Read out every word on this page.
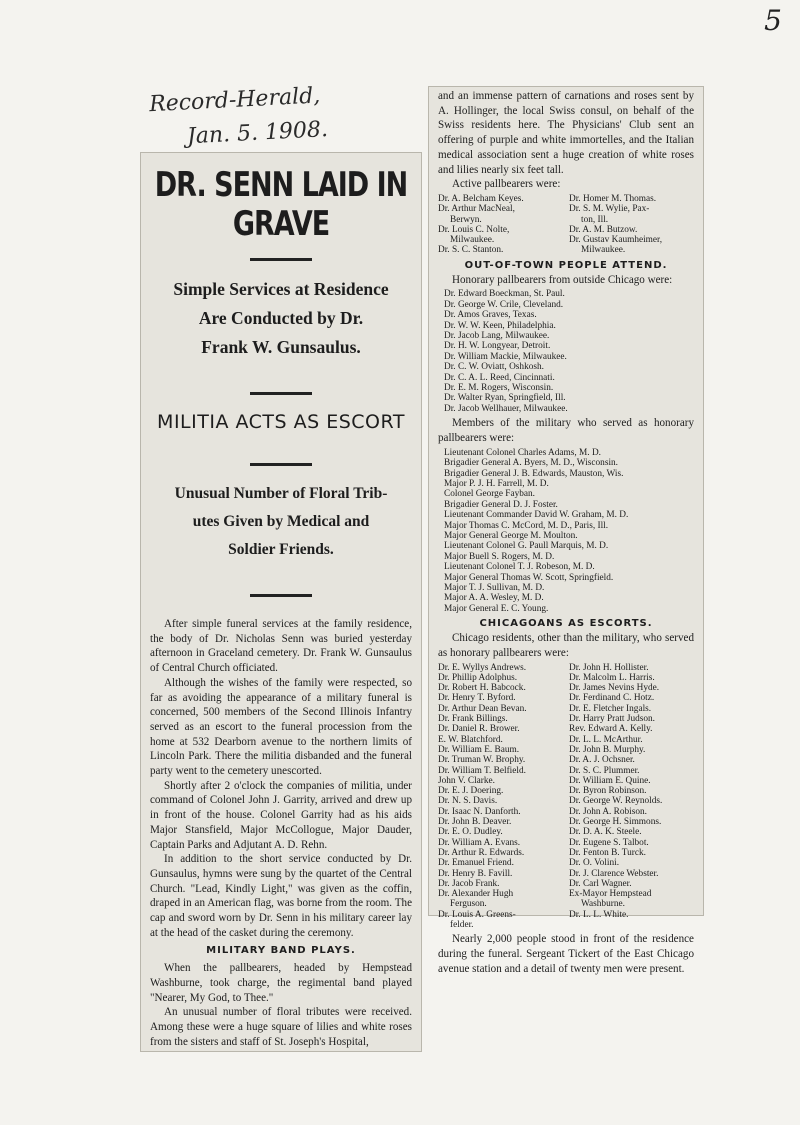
5
Record-Herald,
Jan. 5. 1908.
DR. SENN LAID IN GRAVE
Simple Services at Residence
Are Conducted by Dr.
Frank W. Gunsaulus.
MILITIA ACTS AS ESCORT
Unusual Number of Floral Trib-
utes Given by Medical and
Soldier Friends.

After simple funeral services at the family residence, the body of Dr. Nicholas Senn was buried yesterday afternoon in Graceland cemetery. Dr. Frank W. Gunsaulus of Central Church officiated.

Although the wishes of the family were respected, so far as avoiding the appearance of a military funeral is concerned, 500 members of the Second Illinois Infantry served as an escort to the funeral procession from the home at 532 Dearborn avenue to the northern limits of Lincoln Park. There the militia disbanded and the funeral party went to the cemetery unescorted.

Shortly after 2 o'clock the companies of militia, under command of Colonel John J. Garrity, arrived and drew up in front of the house. Colonel Garrity had as his aids Major Stansfield, Major McCollogue, Major Dauder, Captain Parks and Adjutant A. D. Rehn.

In addition to the short service conducted by Dr. Gunsaulus, hymns were sung by the quartet of the Central Church. "Lead, Kindly Light," was given as the coffin, draped in an American flag, was borne from the room. The cap and sword worn by Dr. Senn in his military career lay at the head of the casket during the ceremony.

MILITARY BAND PLAYS.

When the pallbearers, headed by Hempstead Washburne, took charge, the regimental band played "Nearer, My God, to Thee."

An unusual number of floral tributes were received. Among these were a huge square of lilies and white roses from the sisters and staff of St. Joseph's Hospital,

and an immense pattern of carnations and roses sent by A. Hollinger, the local Swiss consul, on behalf of the Swiss residents here. The Physicians' Club sent an offering of purple and white immortelles, and the Italian medical association sent a huge creation of white roses and lilies nearly six feet tall.

Active pallbearers were:

Dr. A. Belcham Keyes.	Dr. Homer M. Thomas.
Dr. Arthur MacNeal,	Dr. S. M. Wylie, Pax-
Berwyn.	ton, Ill.
Dr. Louis C. Nolte,	Dr. A. M. Butzow.
Milwaukee.	Dr. Gustav Kaumheimer,
Dr. S. C. Stanton.	Milwaukee.
OUT-OF-TOWN PEOPLE ATTEND.

Honorary pallbearers from outside Chicago were:

Dr. Edward Boeckman, St. Paul.
Dr. George W. Crile, Cleveland.
Dr. Amos Graves, Texas.
Dr. W. W. Keen, Philadelphia.
Dr. Jacob Lang, Milwaukee.
Dr. H. W. Longyear, Detroit.
Dr. William Mackie, Milwaukee.
Dr. C. W. Oviatt, Oshkosh.
Dr. C. A. L. Reed, Cincinnati.
Dr. E. M. Rogers, Wisconsin.
Dr. Walter Ryan, Springfield, Ill.
Dr. Jacob Wellhauer, Milwaukee.

Members of the military who served as honorary pallbearers were:

Lieutenant Colonel Charles Adams, M. D.
Brigadier General A. Byers, M. D., Wisconsin.
Brigadier General J. B. Edwards, Mauston, Wis.
Major P. J. H. Farrell, M. D.
Colonel George Fayban.
Brigadier General D. J. Foster.
Lieutenant Commander David W. Graham, M. D.
Major Thomas C. McCord, M. D., Paris, Ill.
Major General George M. Moulton.
Lieutenant Colonel G. Paull Marquis, M. D.
Major Buell S. Rogers, M. D.
Lieutenant Colonel T. J. Robeson, M. D.
Major General Thomas W. Scott, Springfield.
Major T. J. Sullivan, M. D.
Major A. A. Wesley, M. D.
Major General E. C. Young.
CHICAGOANS AS ESCORTS.

Chicago residents, other than the military, who served as honorary pallbearers were:

Dr. E. Wyllys Andrews.	Dr. John H. Hollister.
Dr. Phillip Adolphus.	Dr. Malcolm L. Harris.
Dr. Robert H. Babcock.	Dr. James Nevins Hyde.
Dr. Henry T. Byford.	Dr. Ferdinand C. Hotz.
Dr. Arthur Dean Bevan.	Dr. E. Fletcher Ingals.
Dr. Frank Billings.	Dr. Harry Pratt Judson.
Dr. Daniel R. Brower.	Rev. Edward A. Kelly.
E. W. Blatchford.	Dr. L. L. McArthur.
Dr. William E. Baum.	Dr. John B. Murphy.
Dr. Truman W. Brophy.	Dr. A. J. Ochsner.
Dr. William T. Belfield.	Dr. S. C. Plummer.
John V. Clarke.	Dr. William E. Quine.
Dr. E. J. Doering.	Dr. Byron Robinson.
Dr. N. S. Davis.	Dr. George W. Reynolds.
Dr. Isaac N. Danforth.	Dr. John A. Robison.
Dr. John B. Deaver.	Dr. George H. Simmons.
Dr. E. O. Dudley.	Dr. D. A. K. Steele.
Dr. William A. Evans.	Dr. Eugene S. Talbot.
Dr. Arthur R. Edwards.	Dr. Fenton B. Turck.
Dr. Emanuel Friend.	Dr. O. Volini.
Dr. Henry B. Favill.	Dr. J. Clarence Webster.
Dr. Jacob Frank.	Dr. Carl Wagner.
Dr. Alexander Hugh	Ex-Mayor Hempstead
Ferguson.	Washburne.
Dr. Louis A. Greens-	Dr. L. L. White.
felder.

Nearly 2,000 people stood in front of the residence during the funeral. Sergeant Tickert of the East Chicago avenue station and a detail of twenty men were present.
